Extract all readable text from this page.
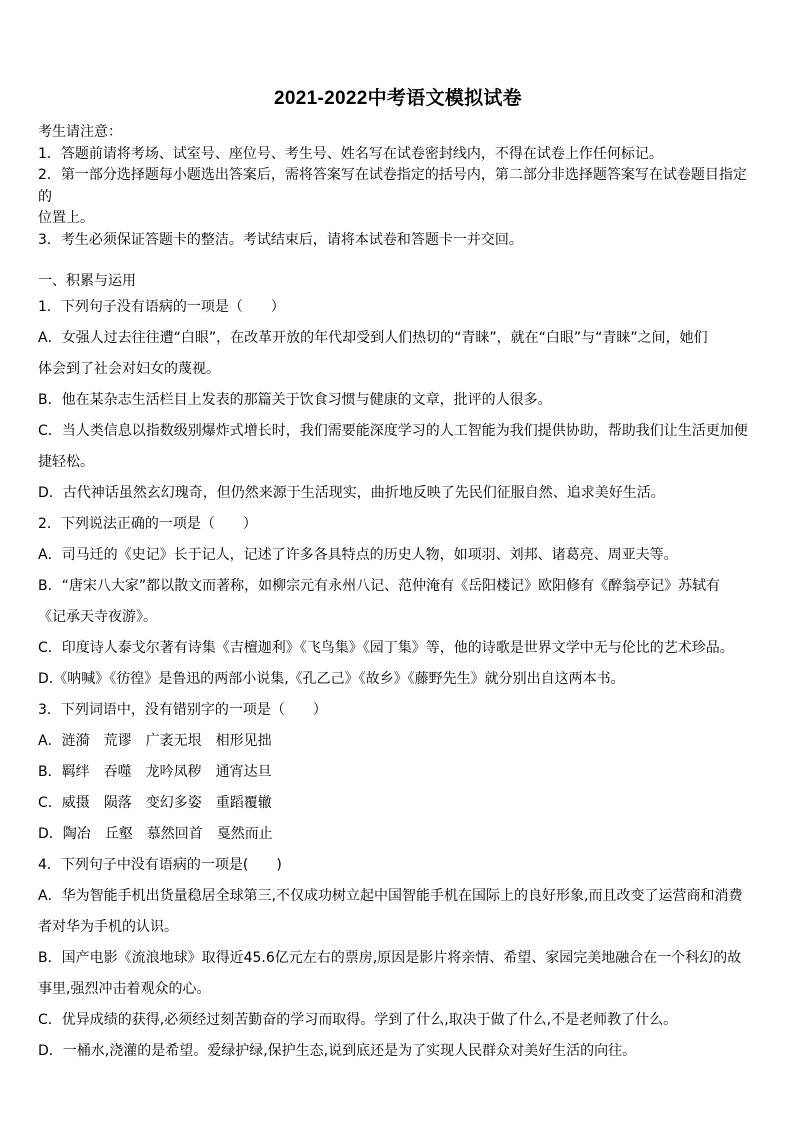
2021-2022中考语文模拟试卷
考生请注意：
1．答题前请将考场、试室号、座位号、考生号、姓名写在试卷密封线内，不得在试卷上作任何标记。
2．第一部分选择题每小题选出答案后，需将答案写在试卷指定的括号内，第二部分非选择题答案写在试卷题目指定的
位置上。
3．考生必须保证答题卡的整洁。考试结束后，请将本试卷和答题卡一并交回。
一、积累与运用
1．下列句子没有语病的一项是（　　）
A．女强人过去往往遭“白眼”，在改革开放的年代却受到人们热切的“青睐”，就在“白眼”与“青睐”之间，她们
体会到了社会对妇女的蔑视。
B．他在某杂志生活栏目上发表的那篇关于饮食习惯与健康的文章，批评的人很多。
C．当人类信息以指数级别爆炸式增长时，我们需要能深度学习的人工智能为我们提供协助，帮助我们让生活更加便
捷轻松。
D．古代神话虽然玄幻瑰奇，但仍然来源于生活现实，曲折地反映了先民们征服自然、追求美好生活。
2．下列说法正确的一项是（　　）
A．司马迁的《史记》长于记人，记述了许多各具特点的历史人物，如项羽、刘邦、诸葛亮、周亚夫等。
B．“唐宋八大家”都以散文而著称，如柳宗元有永州八记、范仲淹有《岳阳楼记》欧阳修有《醉翁亭记》苏轼有
《记承天寺夜游》。
C．印度诗人泰戈尔著有诗集《吉檀迦利》《飞鸟集》《园丁集》等，他的诗歌是世界文学中无与伦比的艺术珍品。
D.《呐喊》《彷徨》是鲁迅的两部小说集,《孔乙己》《故乡》《藤野先生》就分别出自这两本书。
3．下列词语中，没有错别字的一项是（　　）
A．涟漪　荒谬　广袤无垠　相形见拙
B．羁绊　吞噬　龙吟凤秽　通宵达旦
C．威摄　陨落　变幻多姿　重蹈覆辙
D．陶冶　丘壑　慕然回首　戛然而止
4．下列句子中没有语病的一项是(　　)
A．华为智能手机出货量稳居全球第三,不仅成功树立起中国智能手机在国际上的良好形象,而且改变了运营商和消费
者对华为手机的认识。
B．国产电影《流浪地球》取得近45.6亿元左右的票房,原因是影片将亲情、希望、家园完美地融合在一个科幻的故
事里,强烈冲击着观众的心。
C．优异成绩的获得,必须经过刻苦勤奋的学习而取得。学到了什么,取决于做了什么,不是老师教了什么。
D．一桶水,浇灌的是希望。爱绿护绿,保护生态,说到底还是为了实现人民群众对美好生活的向往。
